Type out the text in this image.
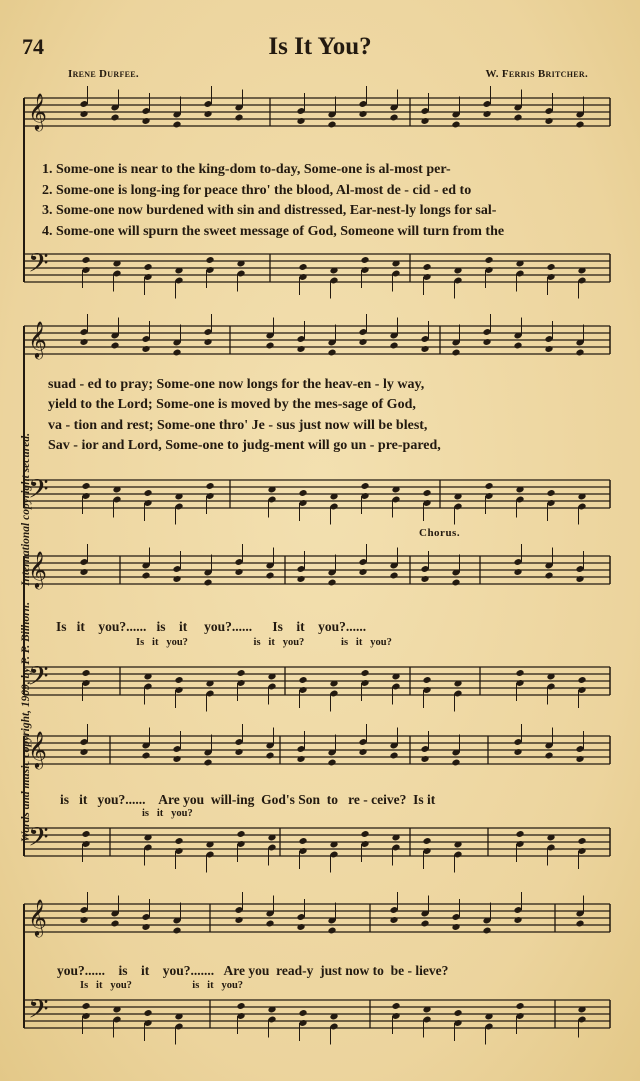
74	Is It You?
Irene Durfee.	W. Ferris Britcher.
Words and music copyright, 1909, by P. P. Bilhorn.
International copyright secured.
𝄞
𝄢
𝄞
𝄢
𝄞
𝄢
𝄞
𝄢
𝄞
𝄢
1. Some-one is near to the king-dom to-day, Some-one is al-most per-
2. Some-one is long-ing for peace thro' the blood, Al-most de - cid - ed to
3. Some-one now burdened with sin and distressed, Ear-nest-ly longs for sal-
4. Some-one will spurn the sweet message of God, Someone will turn from the
suad - ed to pray; Some-one now longs for the heav-en - ly way,
yield to the Lord; Some-one is moved by the mes-sage of God,
va - tion and rest; Some-one thro' Je - sus just now will be blest,
Sav - ior and Lord, Some-one to judg-ment will go un - pre-pared,
Chorus.
Is   it    you?......   is    it     you?......      Is    it    you?......
Is   it   you?                         is   it   you?              is   it   you?
is   it   you?......    Are you  will-ing  God's Son  to   re - ceive?  Is it
is   it   you?
you?......    is    it    you?.......   Are you  read-y  just now to  be - lieve?
Is   it   you?                       is   it   you?
